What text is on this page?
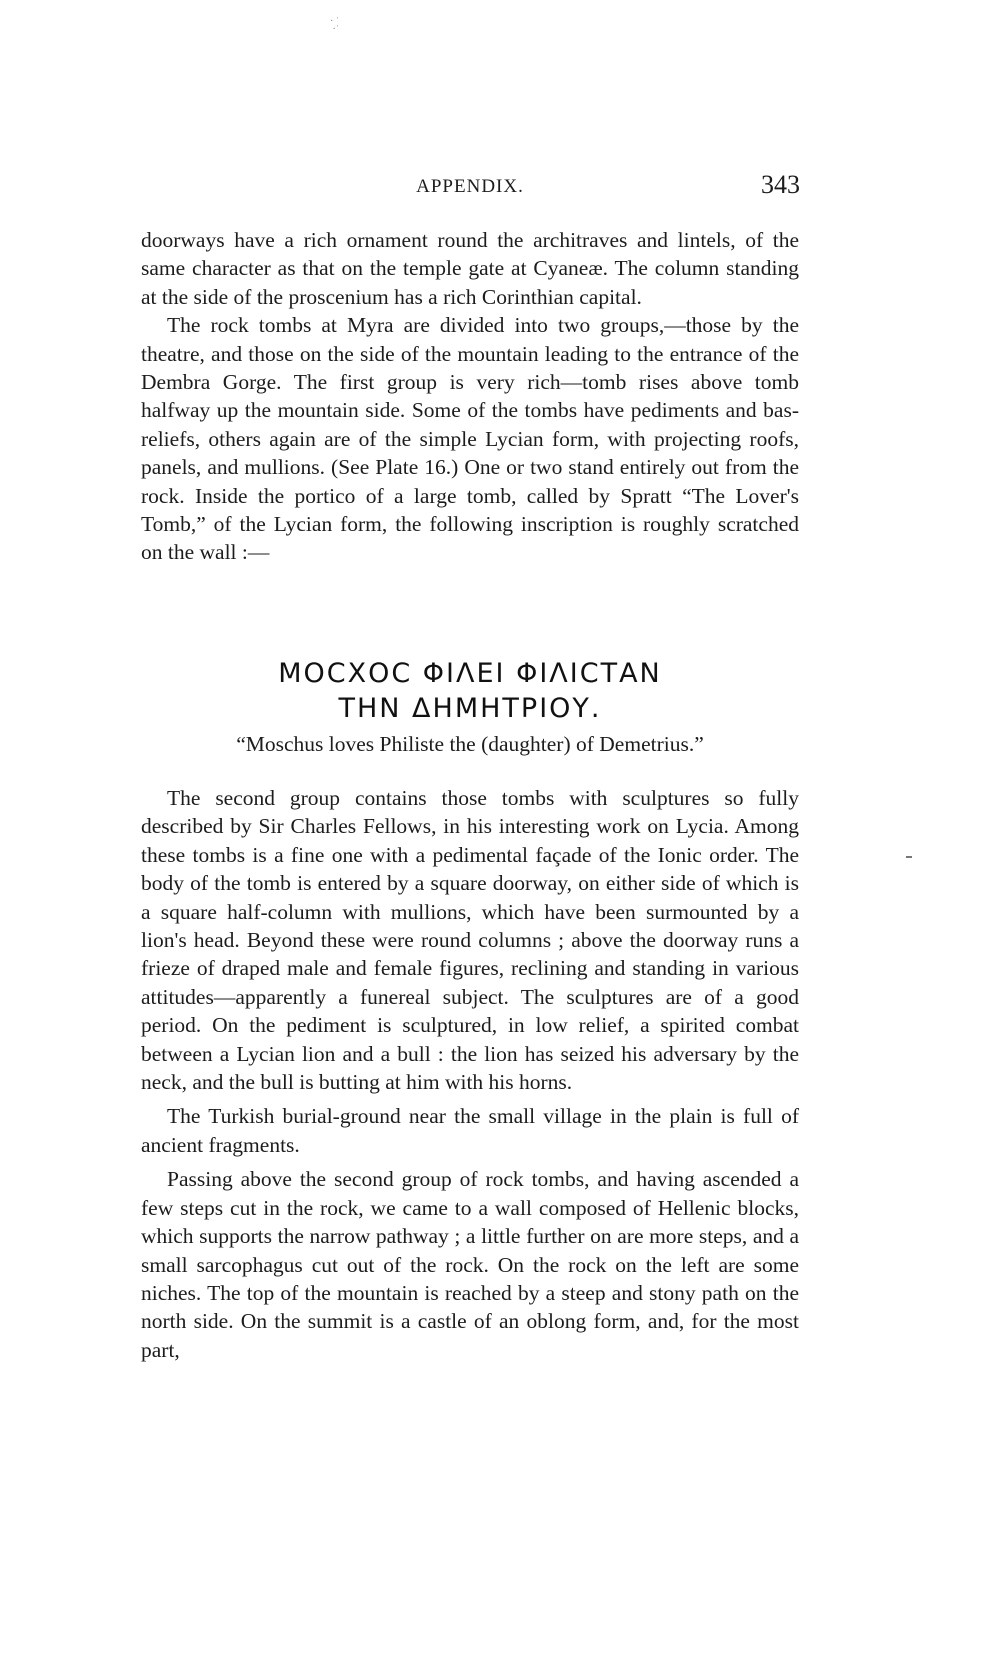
· ˈ
·ˈ
APPENDIX.	343

doorways have a rich ornament round the architraves and lintels, of the same character as that on the temple gate at Cyaneæ. The column standing at the side of the proscenium has a rich Corinthian capital.

The rock tombs at Myra are divided into two groups,—those by the theatre, and those on the side of the mountain leading to the entrance of the Dembra Gorge. The first group is very rich—tomb rises above tomb halfway up the mountain side. Some of the tombs have pediments and bas-reliefs, others again are of the simple Lycian form, with projecting roofs, panels, and mullions. (See Plate 16.) One or two stand entirely out from the rock. Inside the portico of a large tomb, called by Spratt “The Lover's Tomb,” of the Lycian form, the following inscription is roughly scratched on the wall :—

ΜΟCΧΟC ΦΙΛΕΙ ΦΙΛΙCΤΑΝ
ΤΗΝ ΔΗΜΗΤΡΙΟΥ.
“Moschus loves Philiste the (daughter) of Demetrius.”

The second group contains those tombs with sculptures so fully described by Sir Charles Fellows, in his interesting work on Lycia. Among these tombs is a fine one with a pedimental façade of the Ionic order. The body of the tomb is entered by a square doorway, on either side of which is a square half-column with mullions, which have been surmounted by a lion's head. Beyond these were round columns ; above the doorway runs a frieze of draped male and female figures, reclining and standing in various attitudes—apparently a funereal subject. The sculptures are of a good period. On the pediment is sculptured, in low relief, a spirited combat between a Lycian lion and a bull : the lion has seized his adversary by the neck, and the bull is butting at him with his horns.

The Turkish burial-ground near the small village in the plain is full of ancient fragments.

Passing above the second group of rock tombs, and having ascended a few steps cut in the rock, we came to a wall composed of Hellenic blocks, which supports the narrow pathway ; a little further on are more steps, and a small sarcophagus cut out of the rock. On the rock on the left are some niches. The top of the mountain is reached by a steep and stony path on the north side. On the summit is a castle of an oblong form, and, for the most part,
